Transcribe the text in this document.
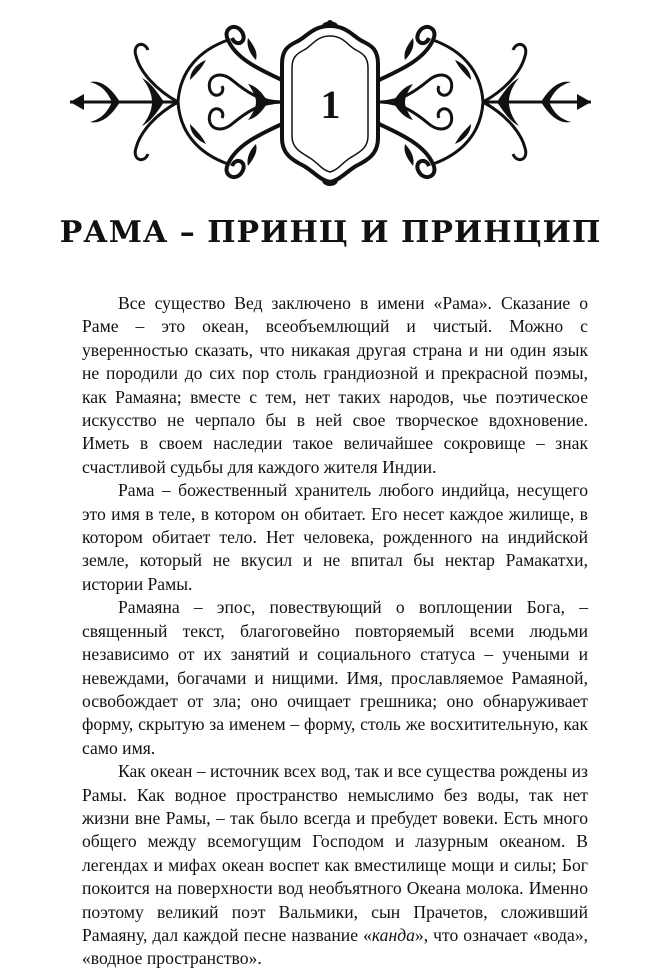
1
РАМА – ПРИНЦ И ПРИНЦИП

Все существо Вед заключено в имени «Рама». Сказание о Раме – это океан, всеобъемлющий и чистый. Можно с уверенностью сказать, что никакая другая страна и ни один язык не породили до сих пор столь грандиозной и прекрасной поэмы, как Рамаяна; вместе с тем, нет таких народов, чье поэтическое искусство не черпало бы в ней свое творческое вдохновение. Иметь в своем наследии такое величайшее сокровище – знак счастливой судьбы для каждого жителя Индии.

Рама – божественный хранитель любого индийца, несущего это имя в теле, в котором он обитает. Его несет каждое жилище, в котором обитает тело. Нет человека, рожденного на индийской земле, который не вкусил и не впитал бы нектар Рамакатхи, истории Рамы.

Рамаяна – эпос, повествующий о воплощении Бога, – священный текст, благоговейно повторяемый всеми людьми независимо от их занятий и социального статуса – учеными и невеждами, богачами и нищими. Имя, прославляемое Рамаяной, освобождает от зла; оно очищает грешника; оно обнаруживает форму, скрытую за именем – форму, столь же восхитительную, как само имя.

Как океан – источник всех вод, так и все существа рождены из Рамы. Как водное пространство немыслимо без воды, так нет жизни вне Рамы, – так было всегда и пребудет вовеки. Есть много общего между всемогущим Господом и лазурным океаном. В легендах и мифах океан воспет как вместилище мощи и силы; Бог покоится на поверхности вод необъятного Океана молока. Именно поэтому великий поэт Вальмики, сын Прачетов, сложивший Рамаяну, дал каждой песне название «канда», что означает «вода», «водное пространство».
